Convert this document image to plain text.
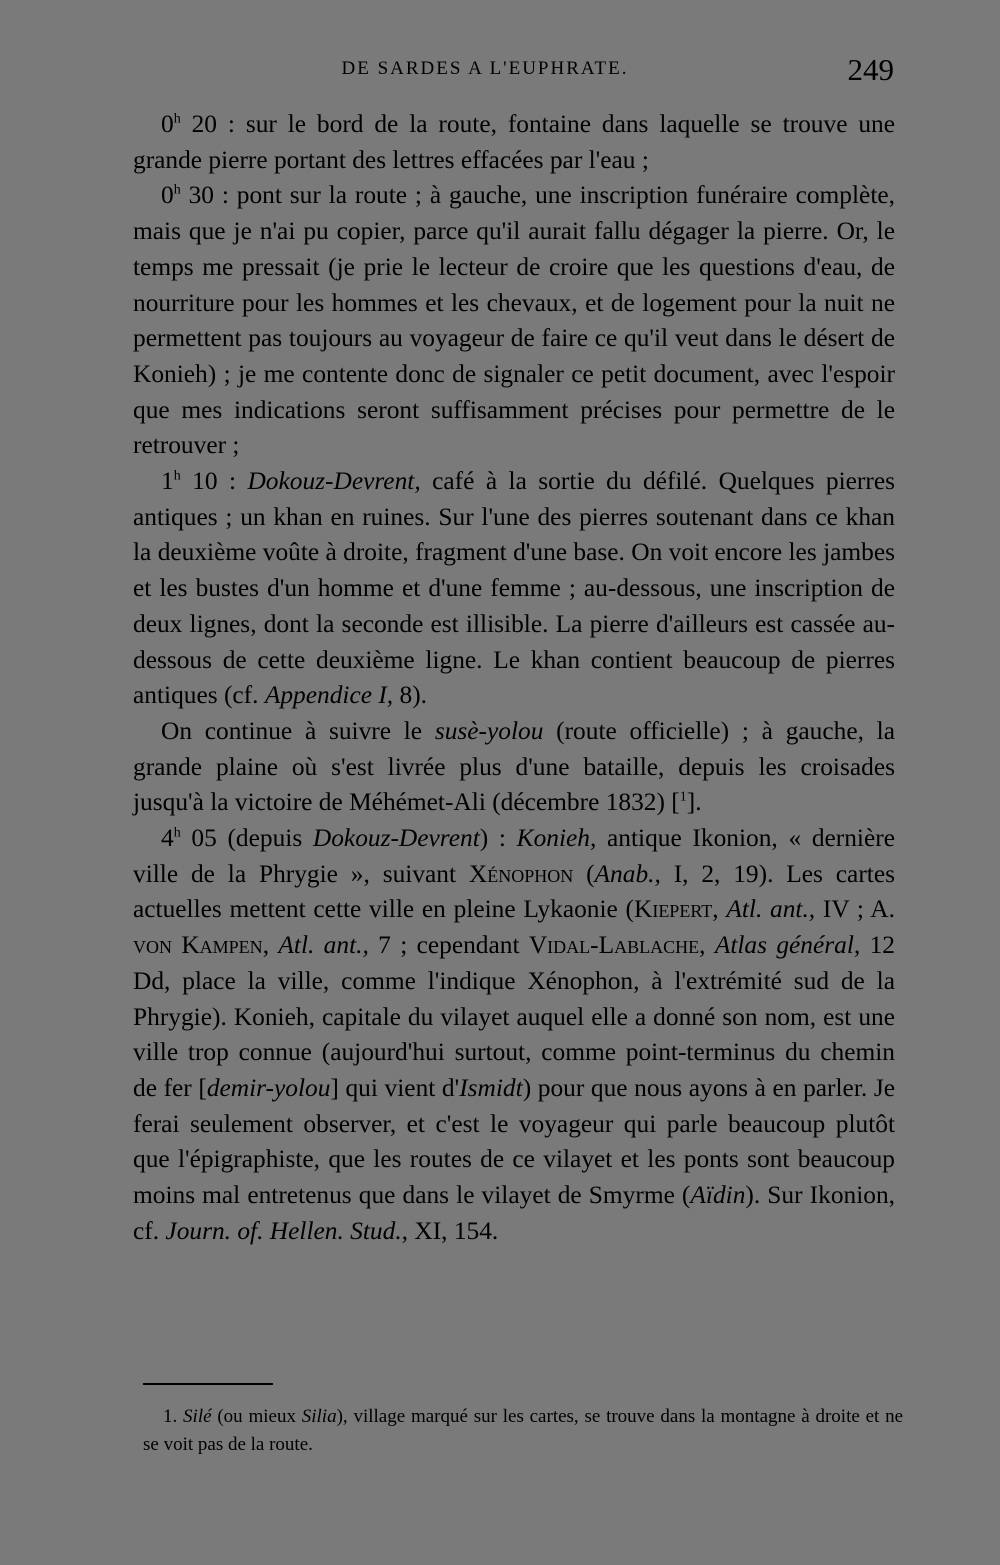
DE SARDES A L'EUPHRATE.	249

0$^h$ 20 : sur le bord de la route, fontaine dans laquelle se trouve une grande pierre portant des lettres effacées par l'eau ;

0$^h$ 30 : pont sur la route ; à gauche, une inscription funéraire complète, mais que je n'ai pu copier, parce qu'il aurait fallu dégager la pierre. Or, le temps me pressait (je prie le lecteur de croire que les questions d'eau, de nourriture pour les hommes et les chevaux, et de logement pour la nuit ne permettent pas toujours au voyageur de faire ce qu'il veut dans le désert de Konieh) ; je me contente donc de signaler ce petit document, avec l'espoir que mes indications seront suffisamment précises pour permettre de le retrouver ;

1$^h$ 10 : Dokouz-Devrent, café à la sortie du défilé. Quelques pierres antiques ; un khan en ruines. Sur l'une des pierres soutenant dans ce khan la deuxième voûte à droite, fragment d'une base. On voit encore les jambes et les bustes d'un homme et d'une femme ; au-dessous, une inscription de deux lignes, dont la seconde est illisible. La pierre d'ailleurs est cassée au-dessous de cette deuxième ligne. Le khan contient beaucoup de pierres antiques (cf. Appendice I, 8).

On continue à suivre le susè-yolou (route officielle) ; à gauche, la grande plaine où s'est livrée plus d'une bataille, depuis les croisades jusqu'à la victoire de Méhémet-Ali (décembre 1832) [$^1$].

4$^h$ 05 (depuis Dokouz-Devrent) : Konieh, antique Ikonion, « dernière ville de la Phrygie », suivant Xénophon (Anab., I, 2, 19). Les cartes actuelles mettent cette ville en pleine Lykaonie (Kiepert, Atl. ant., IV ; A. von Kampen, Atl. ant., 7 ; cependant Vidal-Lablache, Atlas général, 12 Dd, place la ville, comme l'indique Xénophon, à l'extrémité sud de la Phrygie). Konieh, capitale du vilayet auquel elle a donné son nom, est une ville trop connue (aujourd'hui surtout, comme point-terminus du chemin de fer [demir-yolou] qui vient d'Ismidt) pour que nous ayons à en parler. Je ferai seulement observer, et c'est le voyageur qui parle beaucoup plutôt que l'épigraphiste, que les routes de ce vilayet et les ponts sont beaucoup moins mal entretenus que dans le vilayet de Smyrme (Aïdin). Sur Ikonion, cf. Journ. of. Hellen. Stud., XI, 154.

1. Silé (ou mieux Silia), village marqué sur les cartes, se trouve dans la montagne à droite et ne se voit pas de la route.
